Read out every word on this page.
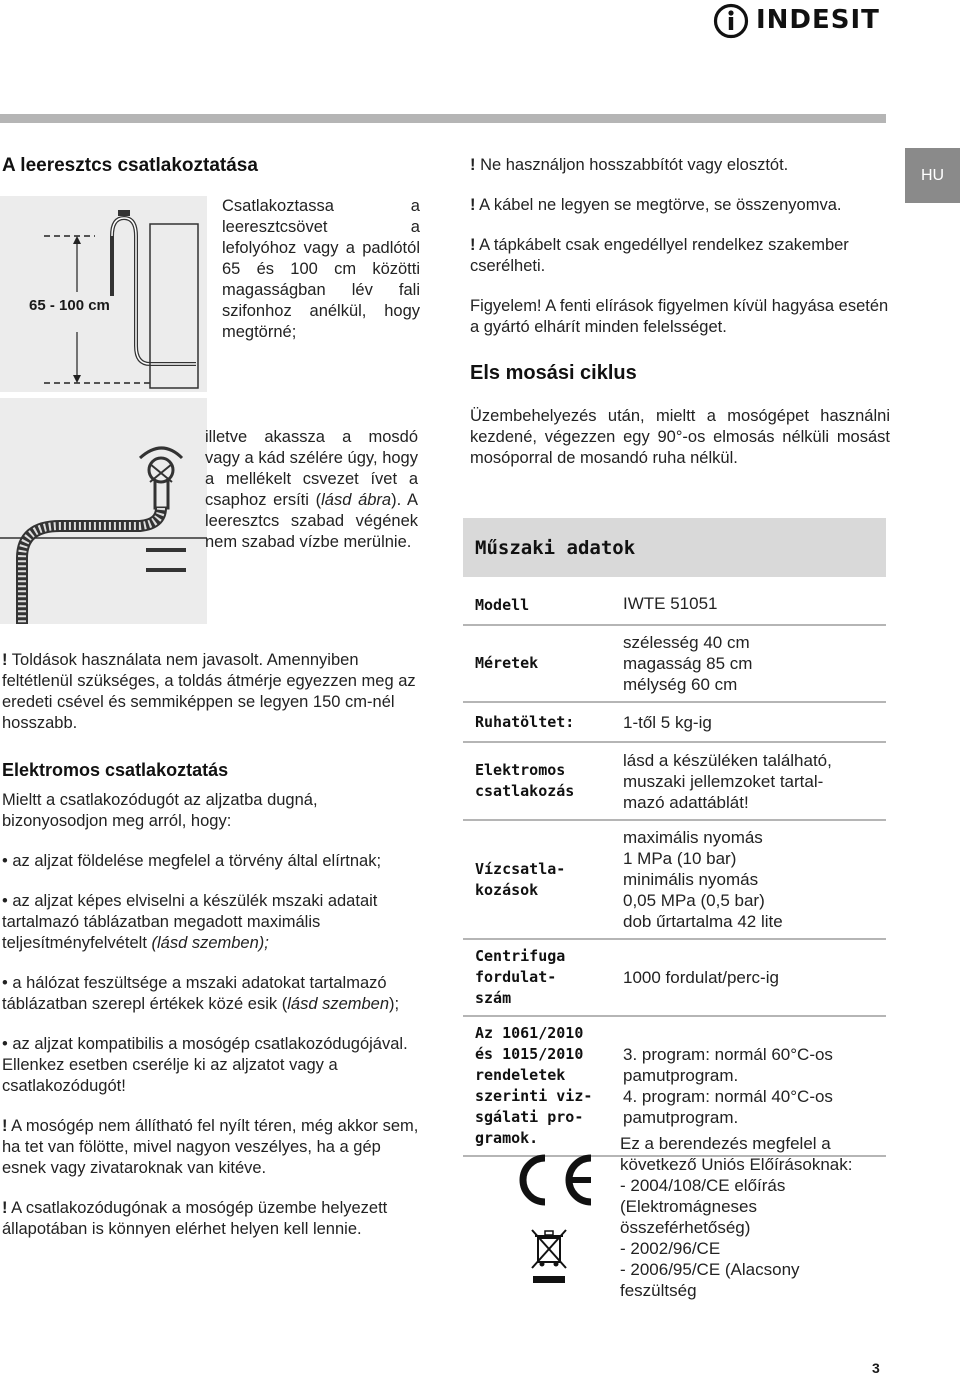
INDESIT
HU
A leeresztcs csatlakoztatása
65 - 100 cm

Csatlakoztassa a leeresztcsövet a lefolyóhoz vagy a padlótól 65 és 100 cm közötti magasságban lév fali szifonhoz anélkül, hogy megtörné;

illetve akassza a mosdó vagy a kád szélére úgy, hogy a mellékelt csvezet ívet a csaphoz ersíti (lásd ábra). A leeresztcs szabad végének nem szabad vízbe merülnie.

! Toldások használata nem javasolt. Amennyiben feltétlenül szükséges, a toldás átmérje egyezzen meg az eredeti csével és semmiképpen se legyen 150 cm-nél hosszabb.

Elektromos csatlakoztatás

Mieltt a csatlakozódugót az aljzatba dugná, bizonyosodjon meg arról, hogy:

• az aljzat földelése megfelel a törvény által elírtnak;

• az aljzat képes elviselni a készülék mszaki adatait tartalmazó táblázatban megadott maximális teljesítményfelvételt (lásd szemben);

• a hálózat feszültsége a mszaki adatokat tartalmazó táblázatban szerepl értékek közé esik (lásd szemben);

• az aljzat kompatibilis a mosógép csatlakozódugójával. Ellenkez esetben cserélje ki az aljzatot vagy a csatlakozódugót!

! A mosógép nem állítható fel nyílt téren, még akkor sem, ha tet van fölötte, mivel nagyon veszélyes, ha a gép esnek vagy zivataroknak van kitéve.

! A csatlakozódugónak a mosógép üzembe helyezett állapotában is könnyen elérhet helyen kell lennie.

! Ne használjon hosszabbítót vagy elosztót.

! A kábel ne legyen se megtörve, se összenyomva.

! A tápkábelt csak engedéllyel rendelkez szakember cserélheti.

Figyelem! A fenti elírások figyelmen kívül hagyása esetén a gyártó elhárít minden felelsséget.

Els mosási ciklus
Üzembehelyezés után, mieltt a mosógépet használni kezdené, végezzen egy 90°-os elmosás nélküli mosást mosóporral de mosandó ruha nélkül.
Műszaki adatok
Modell	IWTE 51051
Méretek
szélesség 40 cm
magasság 85 cm
mélység 60 cm
Ruhatöltet:	1-től 5 kg-ig
Elektromos
csatlakozás
lásd a készüléken található,
muszaki jellemzoket tartal-
mazó adattáblát!
Vízcsatla-
kozások
maximális nyomás
1 MPa (10 bar)
minimális nyomás
0,05 MPa (0,5 bar)
dob űrtartalma 42 lite
Centrifuga
fordulat-
szám
1000 fordulat/perc-ig
Az 1061/2010
és 1015/2010
rendeletek
szerinti viz-
sgálati pro-
gramok.
3. program: normál 60°C-os
pamutprogram.
4. program: normál 40°C-os
pamutprogram.
Ez a berendezés megfelel a következő Uniós Előírásoknak:
- 2004/108/CE előírás (Elektromágneses összeférhetőség)
- 2002/96/CE
- 2006/95/CE (Alacsony feszültség
3
